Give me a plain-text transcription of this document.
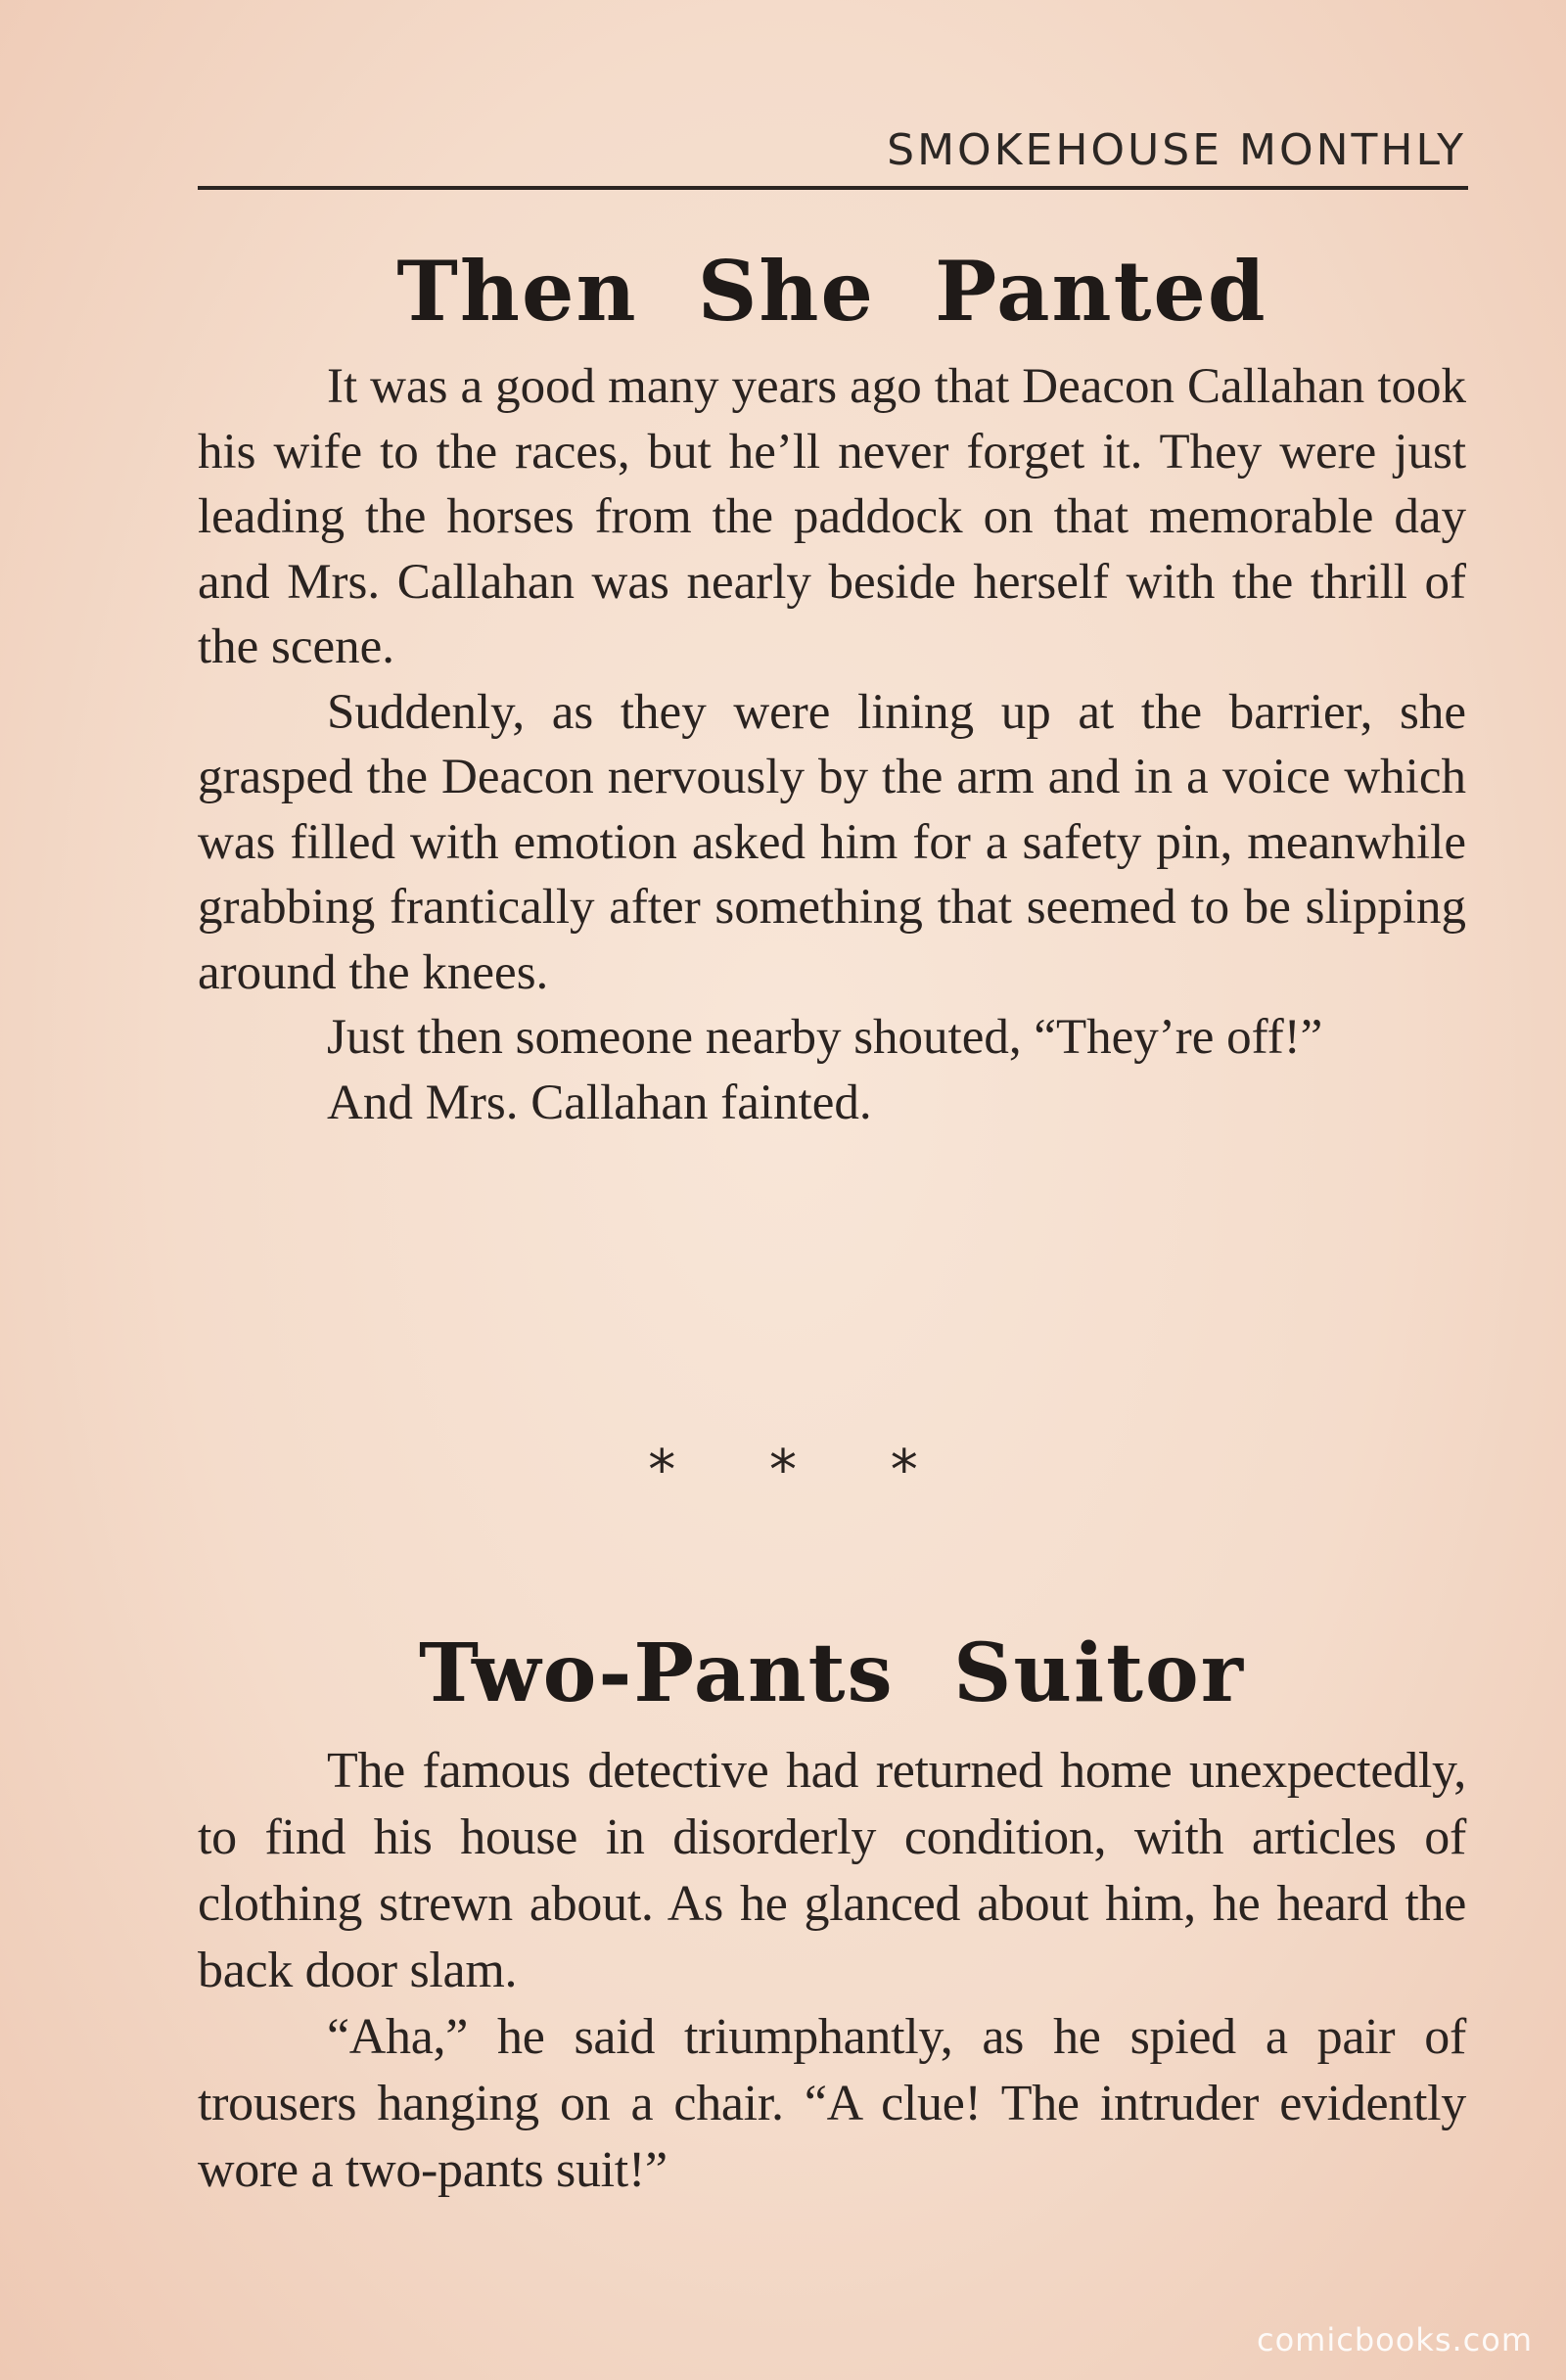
SMOKEHOUSE MONTHLY
Then She Panted

It was a good many years ago that Deacon Callahan took his wife to the races, but he’ll never forget it. They were just leading the horses from the paddock on that memorable day and Mrs. Callahan was nearly beside herself with the thrill of the scene.

Suddenly, as they were lining up at the barrier, she grasped the Deacon nervously by the arm and in a voice which was filled with emotion asked him for a safety pin, meanwhile grabbing frantically after something that seemed to be slipping around the knees.

Just then someone nearby shouted, “They’re off!”

And Mrs. Callahan fainted.

* * *
Two-Pants Suitor

The famous detective had returned home unexpectedly, to find his house in disorderly condition, with articles of clothing strewn about. As he glanced about him, he heard the back door slam.

“Aha,” he said triumphantly, as he spied a pair of trousers hanging on a chair. “A clue! The intruder evidently wore a two-pants suit!”

comicbooks.com
